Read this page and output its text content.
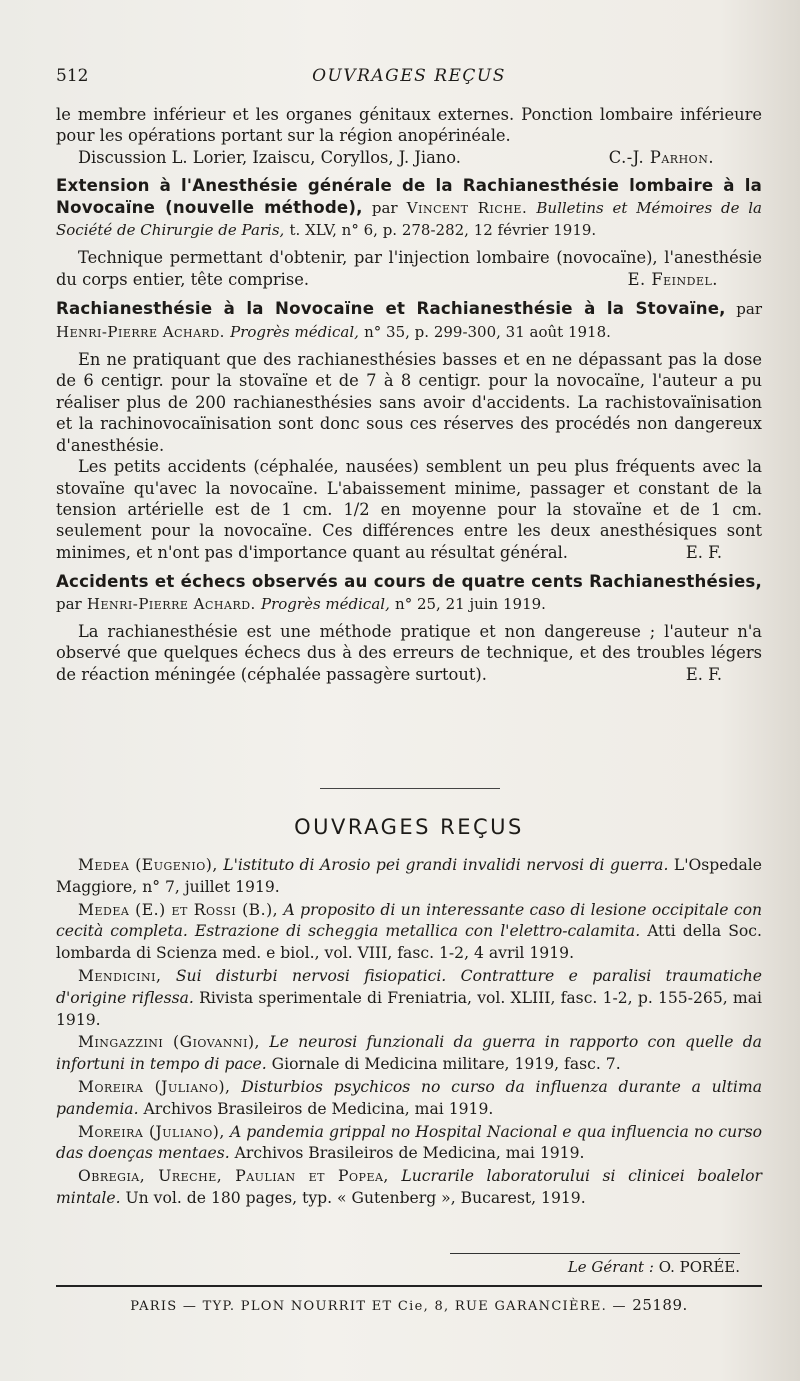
512	OUVRAGES REÇUS

le membre inférieur et les organes génitaux externes. Ponction lombaire inférieure pour les opérations portant sur la région anopérinéale.

Discussion L. Lorier, Izaiscu, Coryllos, J. Jiano.	C.-J. Parhon.

Extension à l'Anesthésie générale de la Rachianesthésie lombaire à la Novocaïne (nouvelle méthode), par Vincent Riche. Bulletins et Mémoires de la Société de Chirurgie de Paris, t. XLV, n° 6, p. 278-282, 12 février 1919.

Technique permettant d'obtenir, par l'injection lombaire (novocaïne), l'anesthésie du corps entier, tête comprise.	E. Feindel.

Rachianesthésie à la Novocaïne et Rachianesthésie à la Stovaïne, par Henri-Pierre Achard. Progrès médical, n° 35, p. 299-300, 31 août 1918.

En ne pratiquant que des rachianesthésies basses et en ne dépassant pas la dose de 6 centigr. pour la stovaïne et de 7 à 8 centigr. pour la novocaïne, l'auteur a pu réaliser plus de 200 rachianesthésies sans avoir d'accidents. La rachistovaïnisation et la rachinovocaïnisation sont donc sous ces réserves des procédés non dangereux d'anesthésie.

Les petits accidents (céphalée, nausées) semblent un peu plus fréquents avec la stovaïne qu'avec la novocaïne. L'abaissement minime, passager et constant de la tension artérielle est de 1 cm. 1/2 en moyenne pour la stovaïne et de 1 cm. seulement pour la novocaïne. Ces différences entre les deux anesthésiques sont minimes, et n'ont pas d'importance quant au résultat général.	E. F.

Accidents et échecs observés au cours de quatre cents Rachianesthésies, par Henri-Pierre Achard. Progrès médical, n° 25, 21 juin 1919.

La rachianesthésie est une méthode pratique et non dangereuse ; l'auteur n'a observé que quelques échecs dus à des erreurs de technique, et des troubles légers de réaction méningée (céphalée passagère surtout).	E. F.

OUVRAGES REÇUS

Medea (Eugenio), L'istituto di Arosio pei grandi invalidi nervosi di guerra. L'Ospedale Maggiore, n° 7, juillet 1919.

Medea (E.) et Rossi (B.), A proposito di un interessante caso di lesione occipitale con cecità completa. Estrazione di scheggia metallica con l'elettro-calamita. Atti della Soc. lombarda di Scienza med. e biol., vol. VIII, fasc. 1-2, 4 avril 1919.

Mendicini, Sui disturbi nervosi fisiopatici. Contratture e paralisi traumatiche d'origine riflessa. Rivista sperimentale di Freniatria, vol. XLIII, fasc. 1-2, p. 155-265, mai 1919.

Mingazzini (Giovanni), Le neurosi funzionali da guerra in rapporto con quelle da infortuni in tempo di pace. Giornale di Medicina militare, 1919, fasc. 7.

Moreira (Juliano), Disturbios psychicos no curso da influenza durante a ultima pandemia. Archivos Brasileiros de Medicina, mai 1919.

Moreira (Juliano), A pandemia grippal no Hospital Nacional e qua influencia no curso das doenças mentaes. Archivos Brasileiros de Medicina, mai 1919.

Obregia, Ureche, Paulian et Popea, Lucrarile laboratorului si clinicei boalelor mintale. Un vol. de 180 pages, typ. « Gutenberg », Bucarest, 1919.

Le Gérant : O. PORÉE.
PARIS — TYP. PLON NOURRIT ET Cie, 8, RUE GARANCIÈRE. — 25189.
